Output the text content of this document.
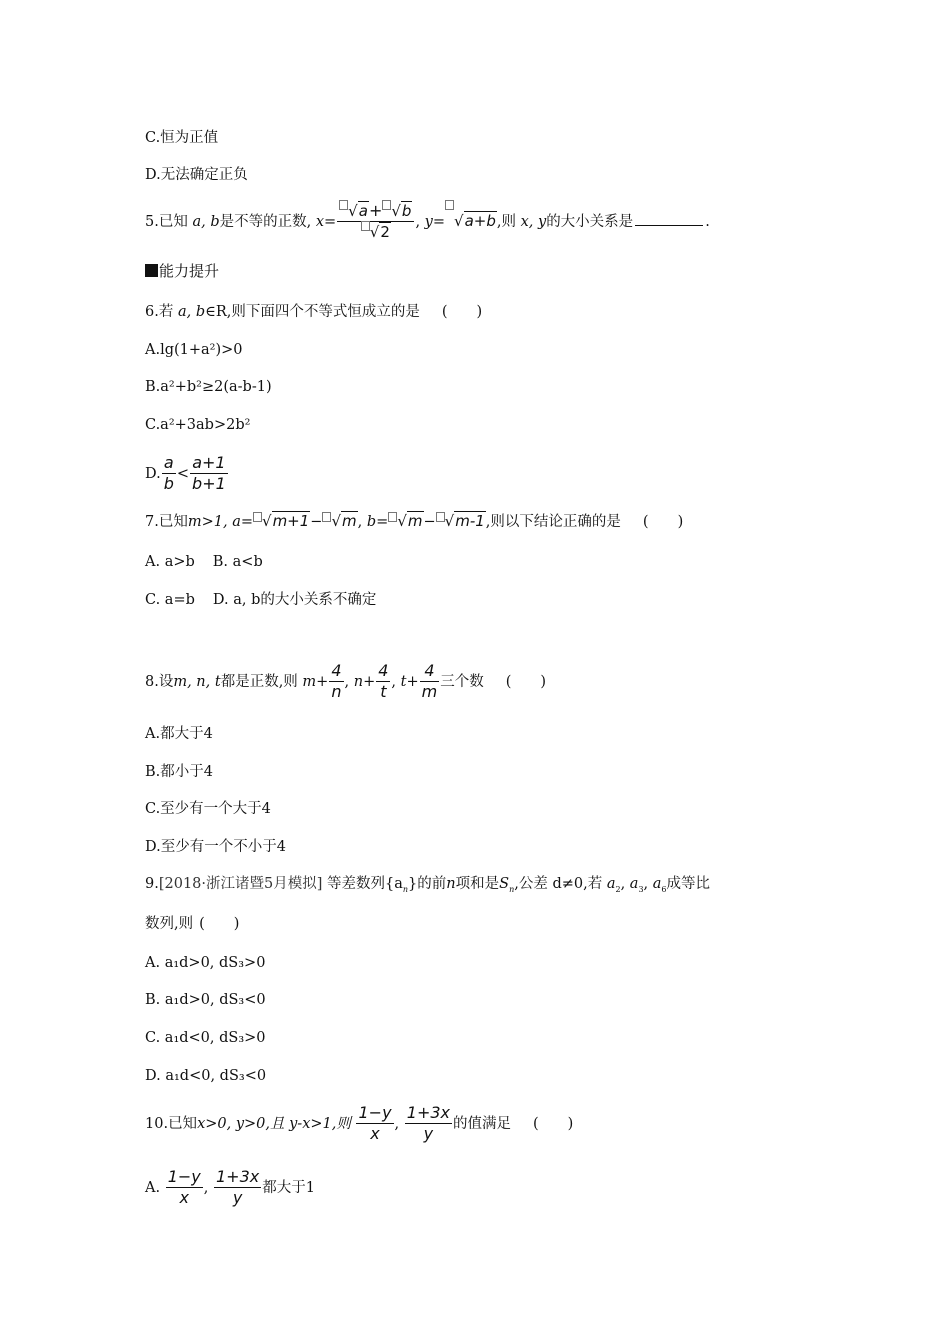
C.恒为正值
D.无法确定正负
5.已知 a, b是不等的正数, $x= \frac{√a+ √b}{√2}$ , y= √a+b,则 x, y的大小关系是	.
能力提升
6.若 a, b∈R,则下面四个不等式恒成立的是 (　　)
A.lg(1+a²)>0
B.a²+b²≥2(a-b-1)
C.a²+3ab>2b²
D. $\frac{a}{b} < \frac{a+1}{b+1}$
7.已知m>1, a= √m+1− √m, b= √m− √m-1,则以下结论正确的是 (　　)
A. a>b B. a<b
C. a=b D. a, b的大小关系不确定
8.设m, n, t都是正数,则 $m+ \frac{4}{n}$ , $n+ \frac{4}{t}$ , $t+ \frac{4}{m}$ 三个数 (　　)
A.都大于4
B.都小于4
C.至少有一个大于4
D.至少有一个不小于4
9.[2018·浙江诸暨5月模拟] 等差数列$\{a_n\}$的前n项和是$S_n$,公差 d≠0,若 $a_2$, $a_3$, $a_6$成等比
数列,则 (　　)
A. a₁d>0, dS₃>0
B. a₁d>0, dS₃<0
C. a₁d<0, dS₃>0
D. a₁d<0, dS₃<0
10.已知x>0, y>0,且 y-x>1,则 $\frac{1-y}{x}$ , $\frac{1+3x}{y}$ 的值满足 (　　)
A. $\frac{1-y}{x}$ , $\frac{1+3x}{y}$ 都大于1
